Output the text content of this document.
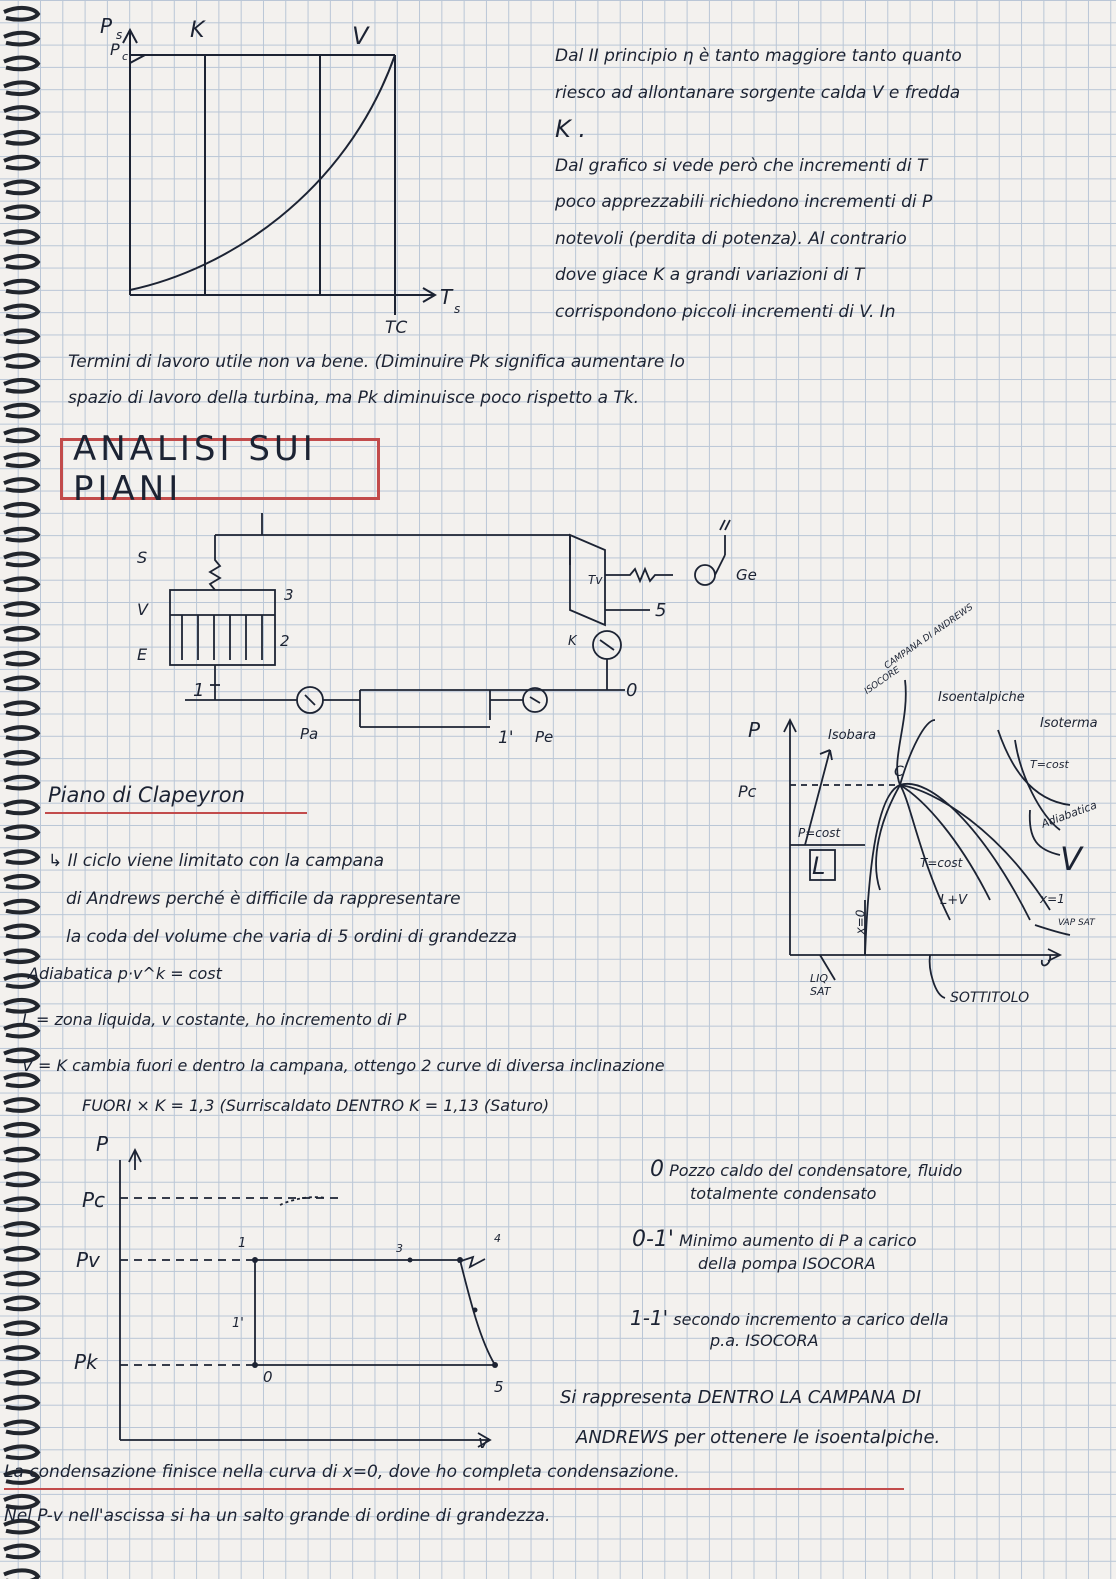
P s
P c
K	V
T s
TC
Dal II principio η è tanto maggiore tanto quanto
riesco ad allontanare sorgente calda V e fredda
K .
Dal grafico si vede però che incrementi di T
poco apprezzabili richiedono incrementi di P
notevoli (perdita di potenza). Al contrario
dove giace K a grandi variazioni di T
corrispondono piccoli incrementi di V. In
Termini di lavoro utile non va bene. (Diminuire Pk significa aumentare lo
spazio di lavoro della turbina, ma Pk diminuisce poco rispetto a Tk.
ANALISI SUI PIANI
S
V
E
3
2
1
1'
Pa	Pe
Tv	Ge
5
K
0
Piano di Clapeyron
↳ Il ciclo viene limitato con la campana
di Andrews perché è difficile da rappresentare
la coda del volume che varia di 5 ordini di grandezza
Adiabatica p·v^k = cost
L = zona liquida, v costante, ho incremento di P
V = K cambia fuori e dentro la campana, ottengo 2 curve di diversa inclinazione
FUORI × K = 1,3 (Surriscaldato DENTRO K = 1,13 (Saturo)
P
Pc
Isobara
ISOCORE
CAMPANA DI ANDREWS
Isoentalpiche
Isoterma
T=cost
Adiabatica
P=cost
L	T=cost
L+V
V
x=0
x=1
VAP SAT
LIQ SAT	SOTTITOLO
C
P
Pc
Pv
Pk
1
1'
0
3
4
5
v
0 Pozzo caldo del condensatore, fluido
totalmente condensato
0-1' Minimo aumento di P a carico
della pompa ISOCORA
1-1' secondo incremento a carico della
p.a. ISOCORA
Si rappresenta DENTRO LA CAMPANA DI
ANDREWS per ottenere le isoentalpiche.
La condensazione finisce nella curva di x=0, dove ho completa condensazione.
Nel P-v nell'ascissa si ha un salto grande di ordine di grandezza.
